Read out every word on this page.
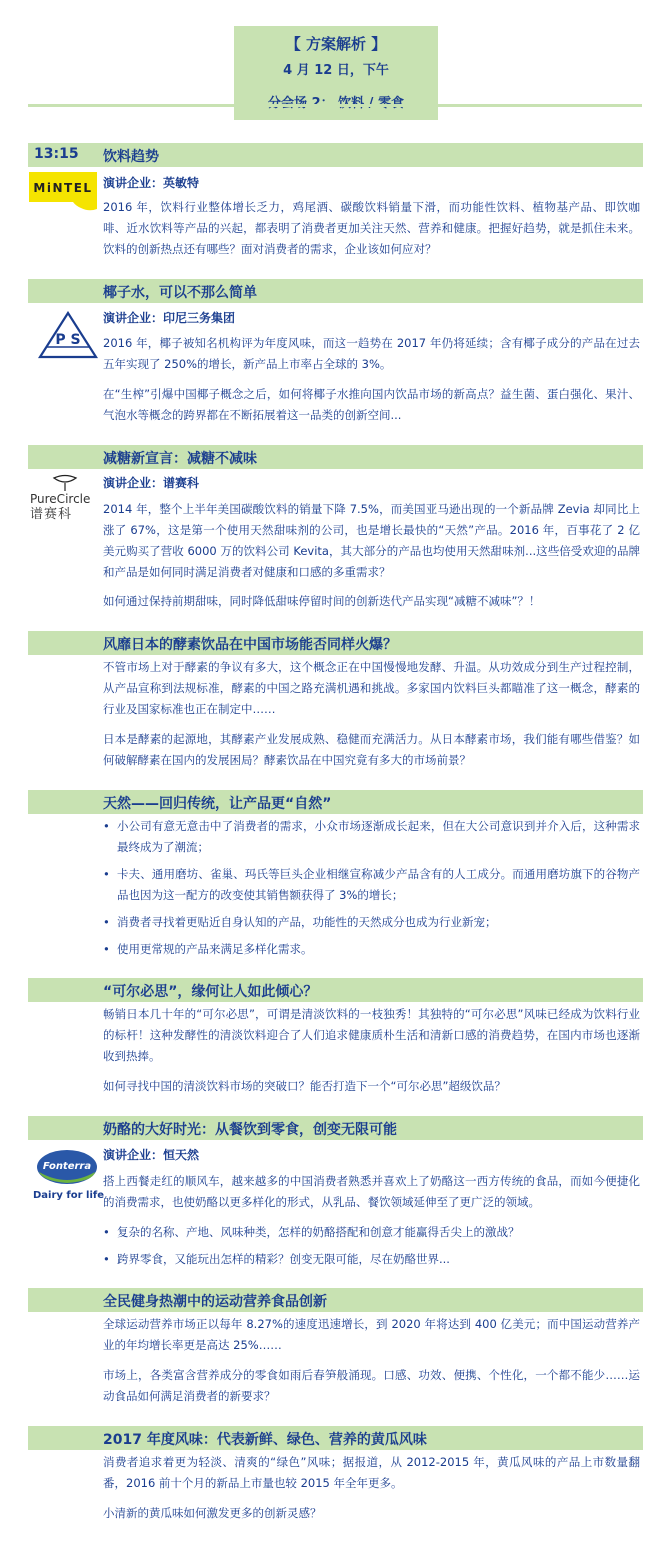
【 方案解析 】
4 月 12 日，下午
13:15 饮料趋势
MiNTEL 演讲企业：英敏特

2016 年，饮料行业整体增长乏力，鸡尾酒、碳酸饮料销量下滑，而功能性饮料、植物基产品、即饮咖啡、近水饮料等产品的兴起，都表明了消费者更加关注天然、营养和健康。把握好趋势，就是抓住未来。饮料的创新热点还有哪些？面对消费者的需求，企业该如何应对？

椰子水，可以不那么简单
P S
演讲企业：印尼三务集团

2016 年，椰子被知名机构评为年度风味，而这一趋势在 2017 年仍将延续；含有椰子成分的产品在过去五年实现了 250%的增长，新产品上市率占全球的 3%。

在“生榨”引爆中国椰子概念之后，如何将椰子水推向国内饮品市场的新高点？益生菌、蛋白强化、果汁、气泡水等概念的跨界都在不断拓展着这一品类的创新空间...

减糖新宣言：减糖不减味
PureCircle
谱赛科
演讲企业：谱赛科

2014 年，整个上半年美国碳酸饮料的销量下降 7.5%，而美国亚马逊出现的一个新品牌 Zevia 却同比上涨了 67%，这是第一个使用天然甜味剂的公司，也是增长最快的“天然”产品。2016 年，百事花了 2 亿美元购买了营收 6000 万的饮料公司 Kevita，其大部分的产品也均使用天然甜味剂...这些倍受欢迎的品牌和产品是如何同时满足消费者对健康和口感的多重需求？

如何通过保持前期甜味，同时降低甜味停留时间的创新迭代产品实现“减糖不减味”？！

风靡日本的酵素饮品在中国市场能否同样火爆？

不管市场上对于酵素的争议有多大，这个概念正在中国慢慢地发酵、升温。从功效成分到生产过程控制，从产品宣称到法规标准，酵素的中国之路充满机遇和挑战。多家国内饮料巨头都瞄准了这一概念，酵素的行业及国家标准也正在制定中……

日本是酵素的起源地，其酵素产业发展成熟、稳健而充满活力。从日本酵素市场，我们能有哪些借鉴？如何破解酵素在国内的发展困局？酵素饮品在中国究竟有多大的市场前景？

天然——回归传统，让产品更“自然”
• 小公司有意无意击中了消费者的需求，小众市场逐渐成长起来，但在大公司意识到并介入后，这种需求最终成为了潮流；
• 卡夫、通用磨坊、雀巢、玛氏等巨头企业相继宣称减少产品含有的人工成分。而通用磨坊旗下的谷物产品也因为这一配方的改变使其销售额获得了 3%的增长；
• 消费者寻找着更贴近自身认知的产品，功能性的天然成分也成为行业新宠；
• 使用更常规的产品来满足多样化需求。
“可尔必思”，缘何让人如此倾心？

畅销日本几十年的“可尔必思”，可谓是清淡饮料的一枝独秀！其独特的“可尔必思”风味已经成为饮料行业的标杆！这种发酵性的清淡饮料迎合了人们追求健康质朴生活和清新口感的消费趋势，在国内市场也逐渐收到热捧。

如何寻找中国的清淡饮料市场的突破口？能否打造下一个“可尔必思”超级饮品？

奶酪的大好时光：从餐饮到零食，创变无限可能
Fonterra
Dairy for life
演讲企业：恒天然

搭上西餐走红的顺风车，越来越多的中国消费者熟悉并喜欢上了奶酪这一西方传统的食品，而如今便捷化的消费需求，也使奶酪以更多样化的形式，从乳品、餐饮领域延伸至了更广泛的领域。

• 复杂的名称、产地、风味种类，怎样的奶酪搭配和创意才能赢得舌尖上的激战？
• 跨界零食，又能玩出怎样的精彩？创变无限可能，尽在奶酪世界...
全民健身热潮中的运动营养食品创新

全球运动营养市场正以每年 8.27%的速度迅速增长，到 2020 年将达到 400 亿美元；而中国运动营养产业的年均增长率更是高达 25%……

市场上，各类富含营养成分的零食如雨后春笋般涌现。口感、功效、便携、个性化，一个都不能少……运动食品如何满足消费者的新要求？

2017 年度风味：代表新鲜、绿色、营养的黄瓜风味

消费者追求着更为轻淡、清爽的“绿色”风味；据报道，从 2012-2015 年，黄瓜风味的产品上市数量翻番，2016 前十个月的新品上市量也较 2015 年全年更多。

小清新的黄瓜味如何激发更多的创新灵感？
